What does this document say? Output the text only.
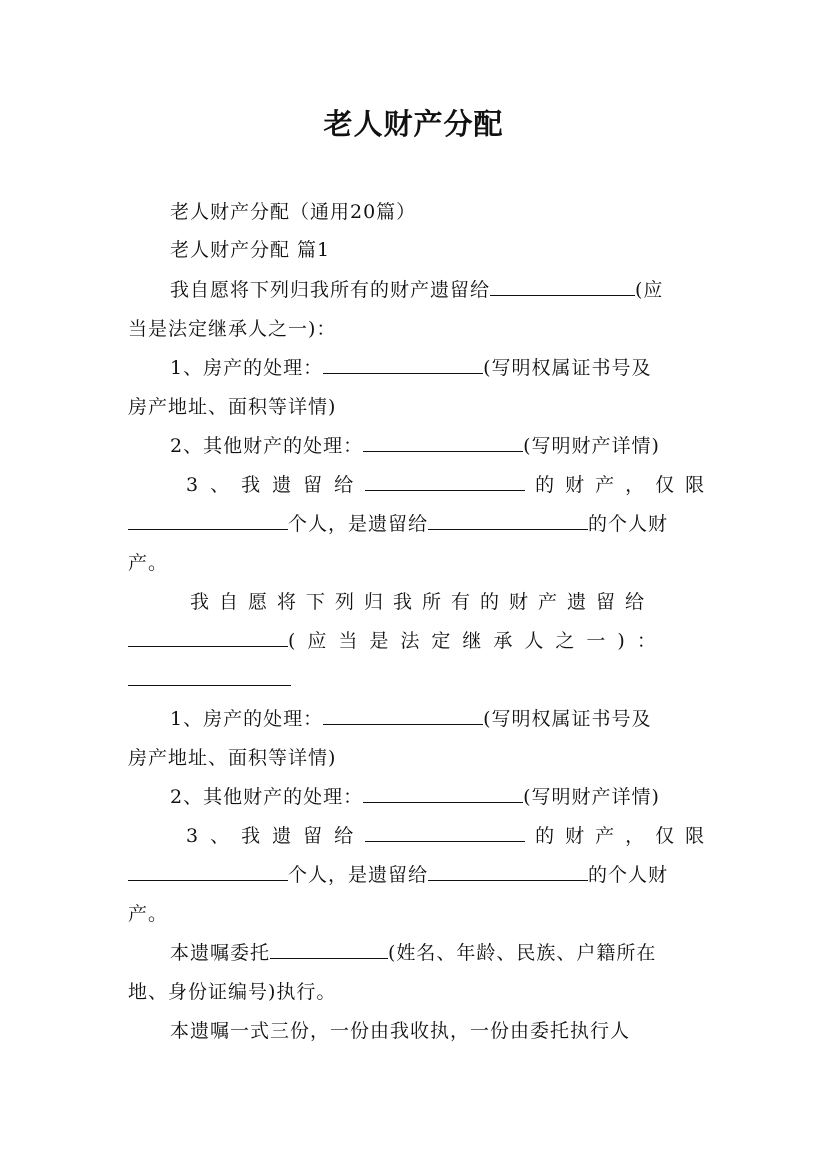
老人财产分配
老人财产分配（通用20篇）
老人财产分配 篇1
我自愿将下列归我所有的财产遗留给	(应
当是法定继承人之一)：
1、房产的处理：	(写明权属证书号及
房产地址、面积等详情)
2、其他财产的处理：	(写明财产详情)
3、我遗留给	的财产，仅限
个人，是遗留给	的个人财
产。
我自愿将下列归我所有的财产遗留给
(应当是法定继承人之一)：
1、房产的处理：	(写明权属证书号及
房产地址、面积等详情)
2、其他财产的处理：	(写明财产详情)
3、我遗留给	的财产，仅限
个人，是遗留给	的个人财
产。
本遗嘱委托	(姓名、年龄、民族、户籍所在
地、身份证编号)执行。
本遗嘱一式三份，一份由我收执，一份由委托执行人
